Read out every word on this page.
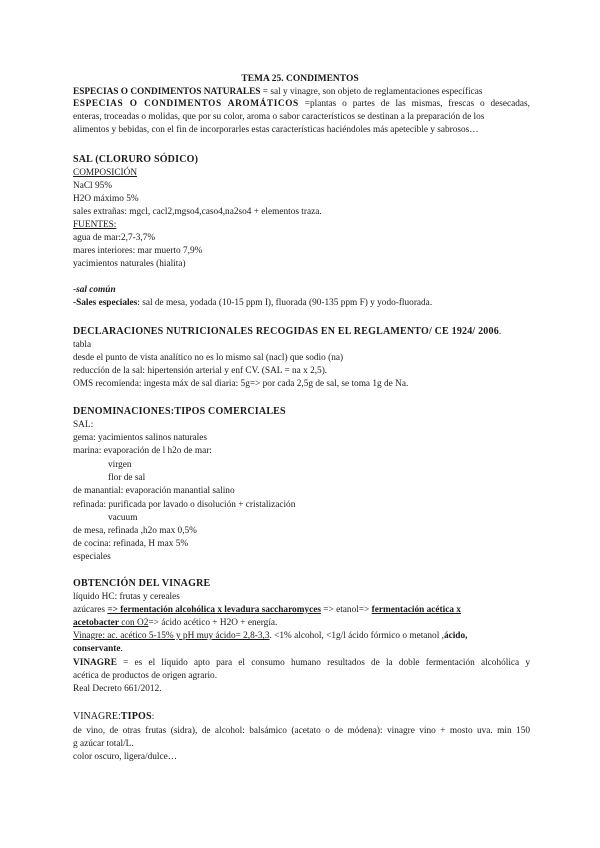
TEMA 25. CONDIMENTOS
ESPECIAS O CONDIMENTOS NATURALES = sal y vinagre, son objeto de reglamentaciones específicas
ESPECIAS O CONDIMENTOS AROMÁTICOS =plantas o partes de las mismas, frescas o desecadas,
enteras, troceadas o molidas, que por su color, aroma o sabor característicos se destinan a la preparación de los
alimentos y bebidas, con el fin de incorporarles estas características haciéndoles más apetecible y sabrosos…
SAL (CLORURO SÓDICO)
COMPOSICIÓN
NaCl 95%
H2O máximo 5%
sales extrañas: mgcl, cacl2,mgso4,caso4,na2so4 + elementos traza.
FUENTES:
agua de mar:2,7-3,7%
mares interiores: mar muerto 7,9%
yacimientos naturales (hialita)
-sal común
-Sales especiales: sal de mesa, yodada (10-15 ppm I), fluorada (90-135 ppm F) y yodo-fluorada.
DECLARACIONES NUTRICIONALES RECOGIDAS EN EL REGLAMENTO/ CE 1924/ 2006.
tabla
desde el punto de vista analítico no es lo mismo sal (nacl) que sodio (na)
reducción de la sal: hipertensión arterial y enf CV. (SAL = na x 2,5).
OMS recomienda: ingesta máx de sal diaria: 5g=> por cada 2,5g de sal, se toma 1g de Na.
DENOMINACIONES:TIPOS COMERCIALES
SAL:
gema: yacimientos salinos naturales
marina: evaporación de l h2o de mar:
virgen
flor de sal
de manantial: evaporación manantial salino
refinada: purificada por lavado o disolución + cristalización
vacuum
de mesa, refinada ,h2o max 0,5%
de cocina: refinada, H max 5%
especiales
OBTENCIÓN DEL VINAGRE
líquido HC: frutas y cereales
azúcares => fermentación alcohólica x levadura saccharomyces => etanol=> fermentación acética x
acetobacter con O2=> ácido acético + H2O + energía.
Vinagre: ac. acético 5-15% y pH muy ácido= 2,8-3,3. <1% alcohol, <1g/l ácido fórmico o metanol ,ácido,
conservante.
VINAGRE = es el líquido apto para el consumo humano resultados de la doble fermentación alcohólica y
acética de productos de origen agrario.
Real Decreto 661/2012.
VINAGRE:TIPOS:
de vino, de otras frutas (sidra), de alcohol: balsámico (acetato o de módena): vinagre vino + mosto uva. min 150
g azúcar total/L.
color oscuro, ligera/dulce…
